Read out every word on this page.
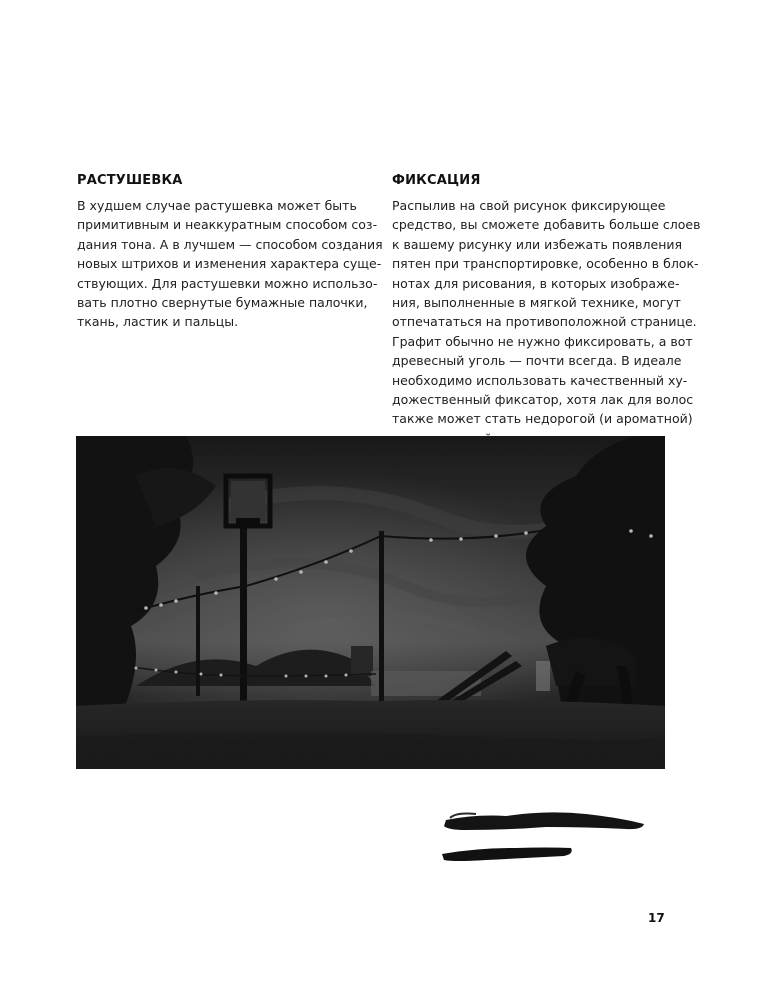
РАСТУШЕВКА

В худшем случае растушевка может быть

примитивным и неаккуратным способом соз-

дания тона. А в лучшем — способом создания

новых штрихов и изменения характера суще-

ствующих. Для растушевки можно использо-

вать плотно свернутые бумажные палочки,

ткань, ластик и пальцы.

ФИКСАЦИЯ

Распылив на свой рисунок фиксирующее

средство, вы сможете добавить больше слоев

к вашему рисунку или избежать появления

пятен при транспортировке, особенно в блок-

нотах для рисования, в которых изображе-

ния, выполненные в мягкой технике, могут

отпечататься на противоположной странице.

Графит обычно не нужно фиксировать, а вот

древесный уголь — почти всегда. В идеале

необходимо использовать качественный ху-

дожественный фиксатор, хотя лак для волос

также может стать недорогой (и ароматной)

17
